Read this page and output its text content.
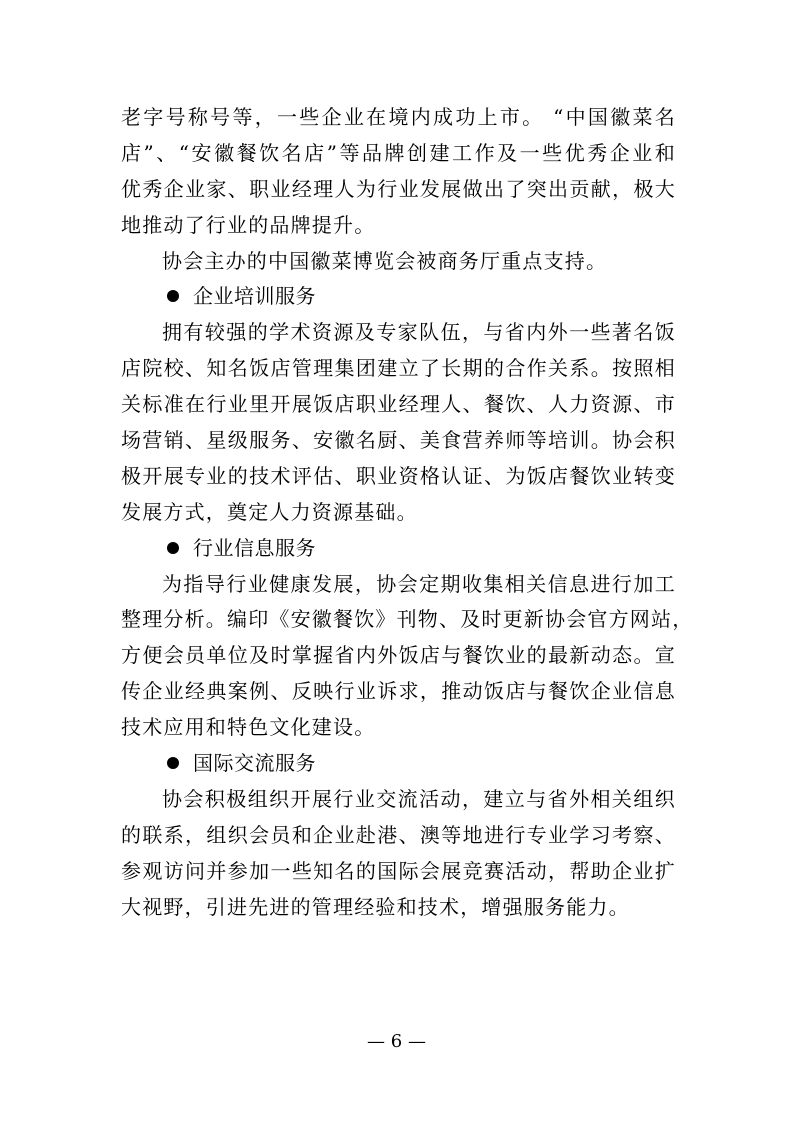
老字号称号等，一些企业在境内成功上市。 “中国徽菜名
店”、“安徽餐饮名店”等品牌创建工作及一些优秀企业和
优秀企业家、职业经理人为行业发展做出了突出贡献，极大
地推动了行业的品牌提升。
协会主办的中国徽菜博览会被商务厅重点支持。
企业培训服务
拥有较强的学术资源及专家队伍，与省内外一些著名饭
店院校、知名饭店管理集团建立了长期的合作关系。按照相
关标准在行业里开展饭店职业经理人、餐饮、人力资源、市
场营销、星级服务、安徽名厨、美食营养师等培训。协会积
极开展专业的技术评估、职业资格认证、为饭店餐饮业转变
发展方式，奠定人力资源基础。
行业信息服务
为指导行业健康发展，协会定期收集相关信息进行加工
整理分析。编印《安徽餐饮》刊物、及时更新协会官方网站，
方便会员单位及时掌握省内外饭店与餐饮业的最新动态。宣
传企业经典案例、反映行业诉求，推动饭店与餐饮企业信息
技术应用和特色文化建设。
国际交流服务
协会积极组织开展行业交流活动，建立与省外相关组织
的联系，组织会员和企业赴港、澳等地进行专业学习考察、
参观访问并参加一些知名的国际会展竞赛活动，帮助企业扩
大视野，引进先进的管理经验和技术，增强服务能力。
— 6 —
